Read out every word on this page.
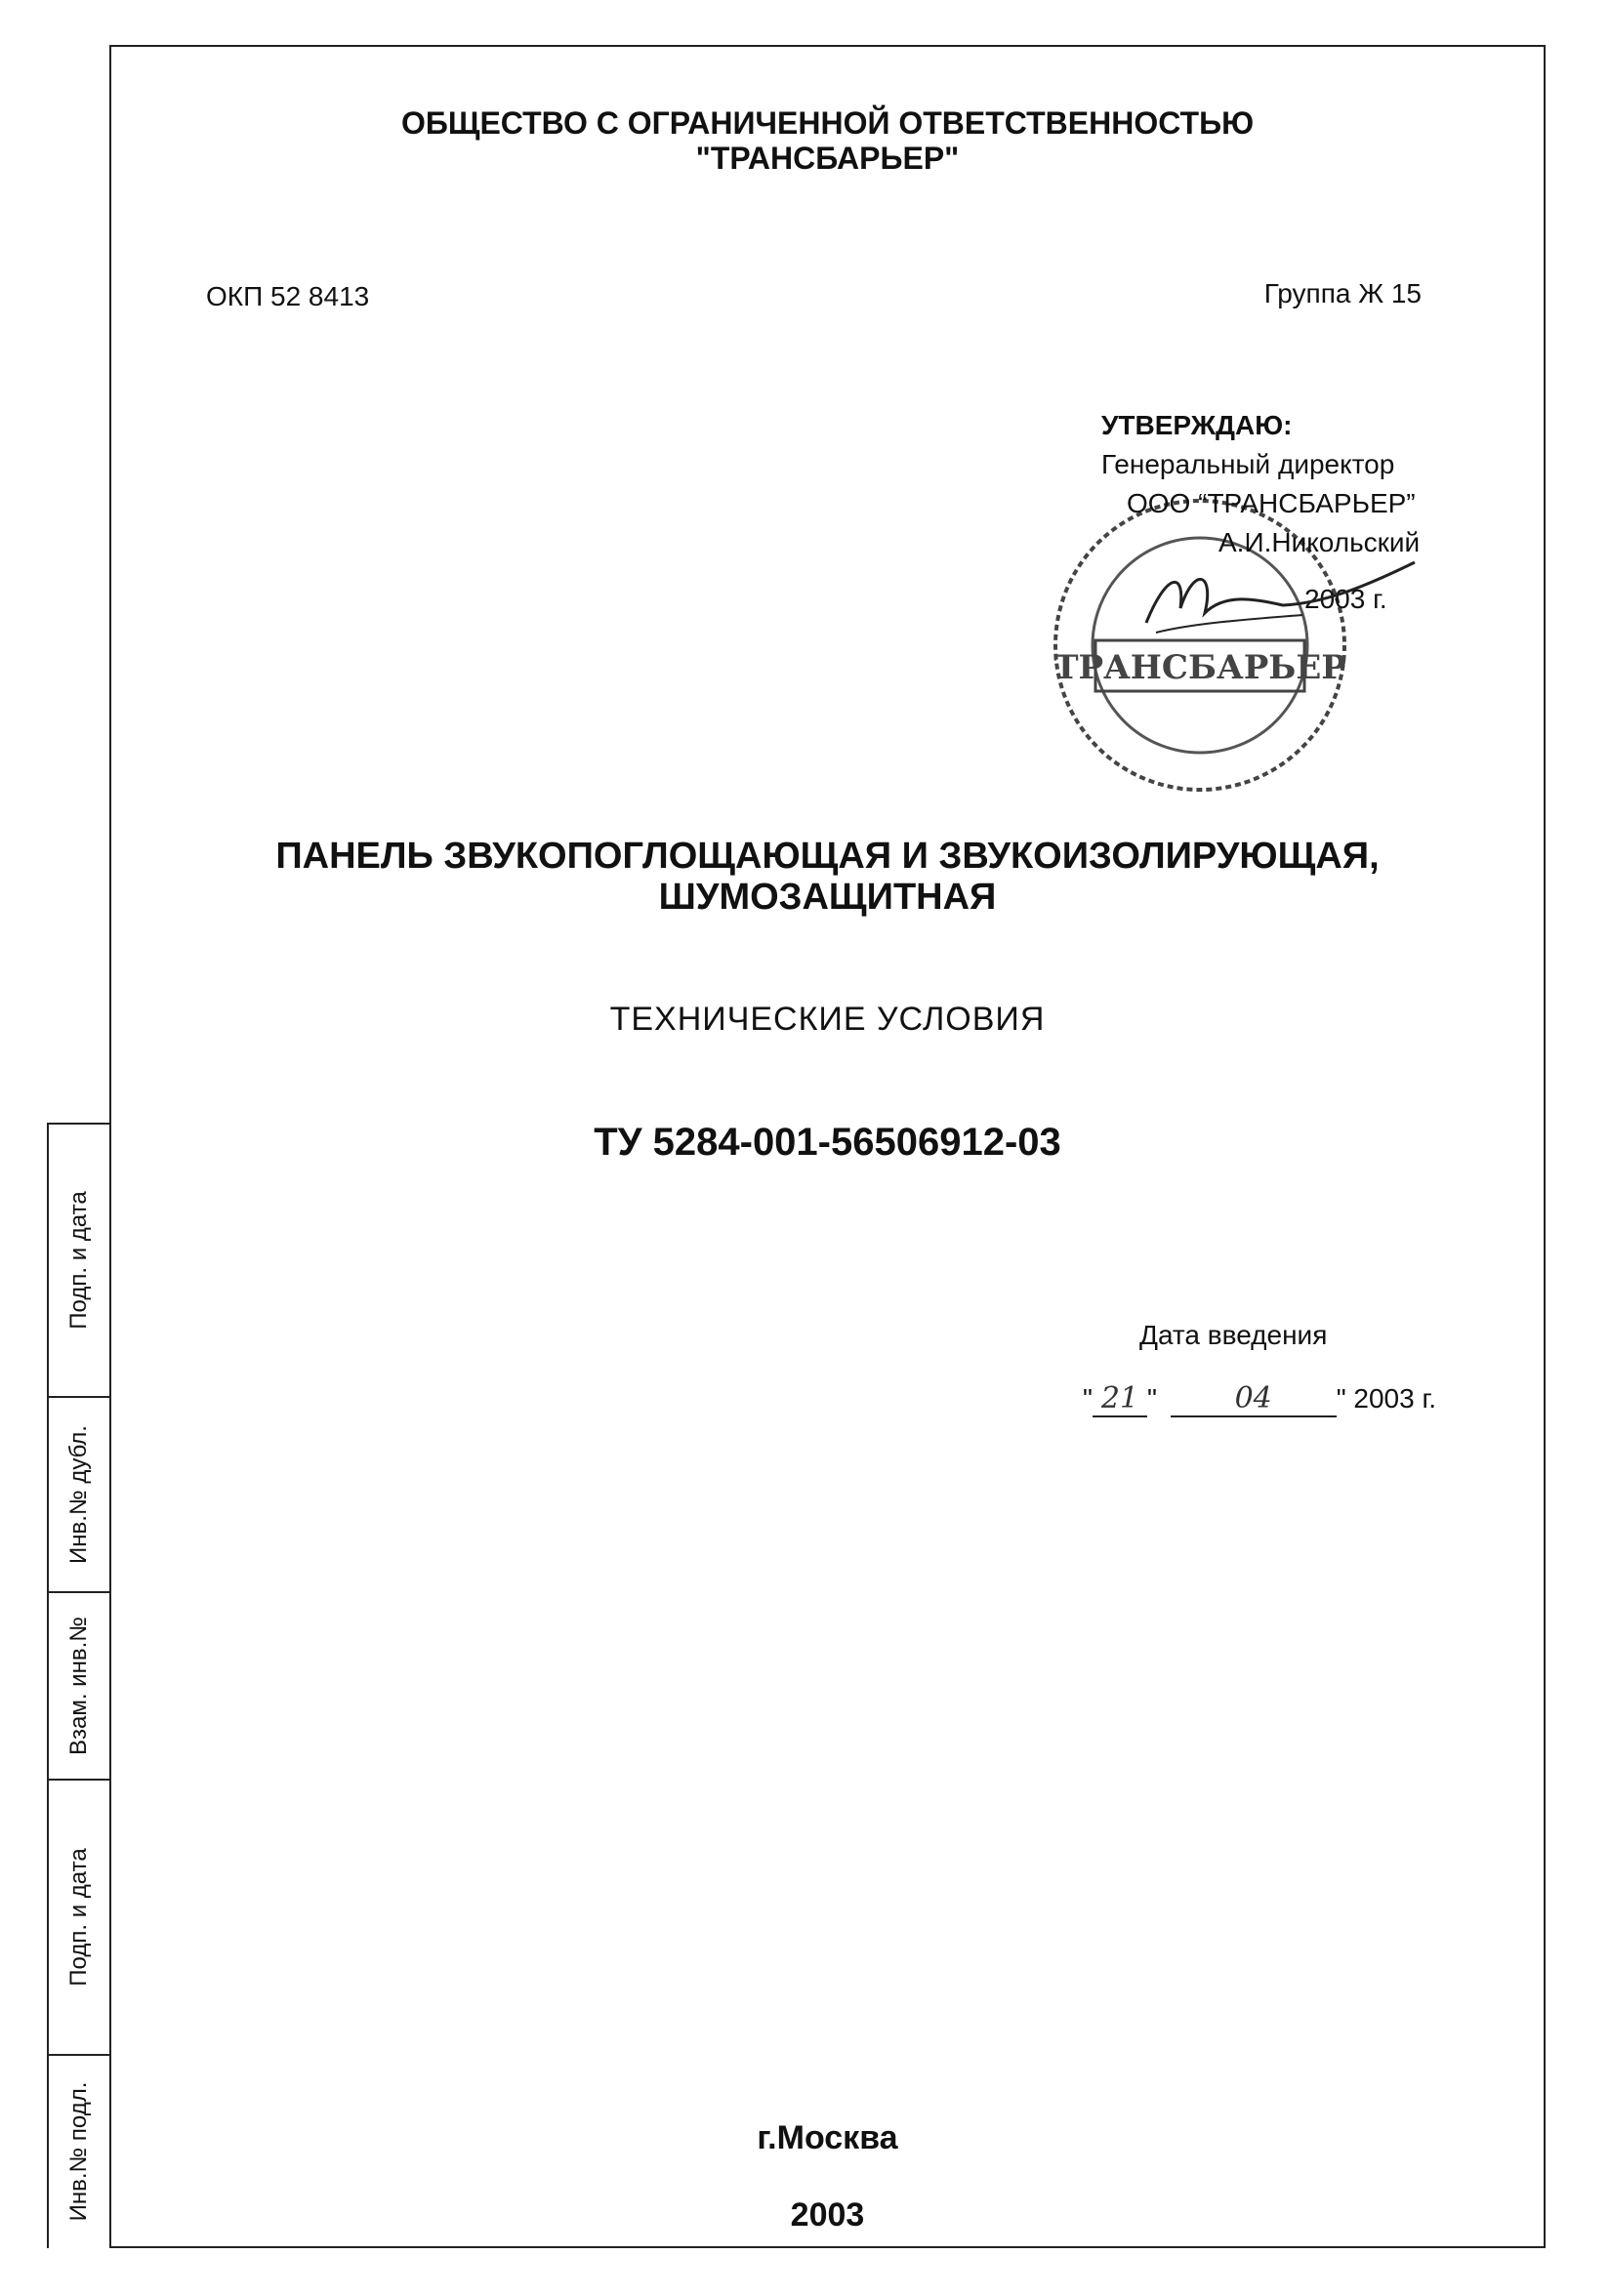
ОБЩЕСТВО С ОГРАНИЧЕННОЙ ОТВЕТСТВЕННОСТЬЮ
"ТРАНСБАРЬЕР"
ОКП 52 8413	Группа Ж 15
ТРАНСБАРЬЕР
УТВЕРЖДАЮ:
Генеральный директор
ООО “ТРАНСБАРЬЕР”
А.И.Никольский
2003 г.
ПАНЕЛЬ ЗВУКОПОГЛОЩАЮЩАЯ И ЗВУКОИЗОЛИРУЮЩАЯ,
ШУМОЗАЩИТНАЯ
ТЕХНИЧЕСКИЕ УСЛОВИЯ
ТУ 5284-001-56506912-03
Дата введения
" 21 "	04 " 2003 г.
г.Москва
2003
Подп. и дата
Инв.№ дубл.
Взам. инв.№
Подп. и дата
Инв.№ подл.
